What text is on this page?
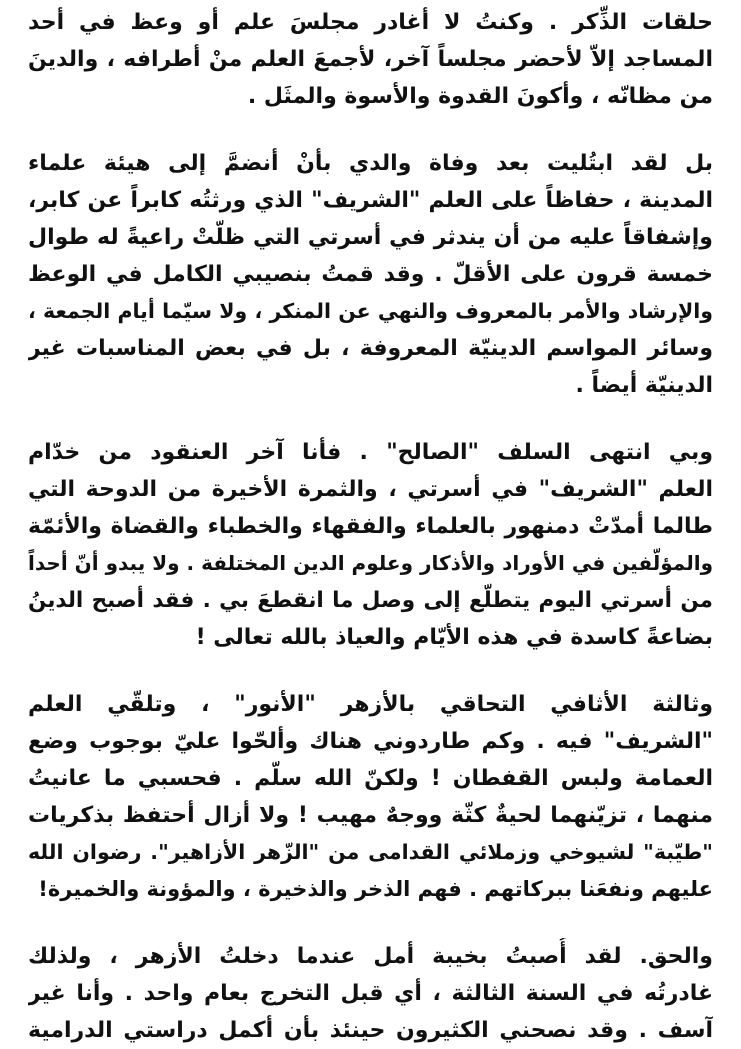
حلقات الذِّكر . وكنتُ لا أغادر مجلسَ علم أو وعظ في أحد
المساجد إلاّ لأحضر مجلساً آخر، لأجمعَ العلم منْ أطرافه ، والدينَ
من مظانّه ، وأكونَ القدوة والأسوة والمثَل .
بل لقد ابتُليت بعد وفاة والدي بأنْ أنضمَّ إلى هيئة علماء
المدينة ، حفاظاً على العلم "الشريف" الذي ورثتُه كابراً عن كابر،
وإشفاقاً عليه من أن يندثر في أسرتي التي ظلّتْ راعيةً له طوال
خمسة قرون على الأقلّ . وقد قمتُ بنصيبي الكامل في الوعظ
والإرشاد والأمر بالمعروف والنهي عن المنكر ، ولا سيّما أيام الجمعة ،
وسائر المواسم الدينيّة المعروفة ، بل في بعض المناسبات غير
الدينيّة أيضاً .
وبي انتهى السلف "الصالح" . فأنا آخر العنقود من خدّام
العلم "الشريف" في أسرتي ، والثمرة الأخيرة من الدوحة التي
طالما أمدّتْ دمنهور بالعلماء والفقهاء والخطباء والقضاة والأئمّة
والمؤلّفين في الأوراد والأذكار وعلوم الدين المختلفة . ولا يبدو أنّ أحداً
من أسرتي اليوم يتطلّع إلى وصل ما انقطعَ بي . فقد أصبح الدينُ
بضاعةً كاسدة في هذه الأيّام والعياذ بالله تعالى !
وثالثة الأثافي التحاقي بالأزهر "الأنور" ، وتلقّي العلم
"الشريف" فيه . وكم طاردوني هناك وألحّوا عليّ بوجوب وضع
العمامة ولبس القفطان ! ولكنّ الله سلّم . فحسبي ما عانيتُ
منهما ، تزيّنهما لحيةٌ كثّة ووجهٌ مهيب ! ولا أزال أحتفظ بذكريات
"طيّبة" لشيوخي وزملائي القدامى من "الزّهر الأزاهير". رضوان الله
عليهم ونفعَنا ببركاتهم . فهم الذخر والذخيرة ، والمؤونة والخميرة!
والحق. لقد أُصبتُ بخيبة أمل عندما دخلتُ الأزهر ، ولذلك
غادرتُه في السنة الثالثة ، أي قبل التخرج بعام واحد . وأنا غير
آسف . وقد نصحني الكثيرون حينئذ بأن أكمل دراستي الدرامية
